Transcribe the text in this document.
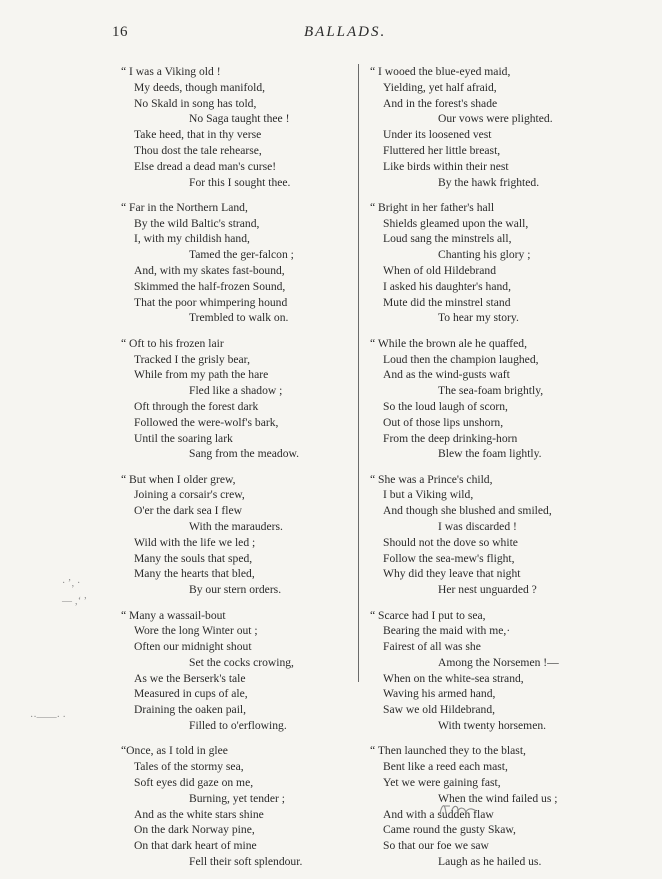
16	BALLADS.
“ I was a Viking old !
My deeds, though manifold,
No Skald in song has told,
No Saga taught thee !
Take heed, that in thy verse
Thou dost the tale rehearse,
Else dread a dead man's curse!
For this I sought thee.
“ Far in the Northern Land,
By the wild Baltic's strand,
I, with my childish hand,
Tamed the ger-falcon ;
And, with my skates fast-bound,
Skimmed the half-frozen Sound,
That the poor whimpering hound
Trembled to walk on.
“ Oft to his frozen lair
Tracked I the grisly bear,
While from my path the hare
Fled like a shadow ;
Oft through the forest dark
Followed the were-wolf's bark,
Until the soaring lark
Sang from the meadow.
“ But when I older grew,
Joining a corsair's crew,
O'er the dark sea I flew
With the marauders.
Wild with the life we led ;
Many the souls that sped,
Many the hearts that bled,
By our stern orders.
“ Many a wassail-bout
Wore the long Winter out ;
Often our midnight shout
Set the cocks crowing,
As we the Berserk's tale
Measured in cups of ale,
Draining the oaken pail,
Filled to o'erflowing.
“Once, as I told in glee
Tales of the stormy sea,
Soft eyes did gaze on me,
Burning, yet tender ;
And as the white stars shine
On the dark Norway pine,
On that dark heart of mine
Fell their soft splendour.
“ I wooed the blue-eyed maid,
Yielding, yet half afraid,
And in the forest's shade
Our vows were plighted.
Under its loosened vest
Fluttered her little breast,
Like birds within their nest
By the hawk frighted.
“ Bright in her father's hall
Shields gleamed upon the wall,
Loud sang the minstrels all,
Chanting his glory ;
When of old Hildebrand
I asked his daughter's hand,
Mute did the minstrel stand
To hear my story.
“ While the brown ale he quaffed,
Loud then the champion laughed,
And as the wind-gusts waft
The sea-foam brightly,
So the loud laugh of scorn,
Out of those lips unshorn,
From the deep drinking-horn
Blew the foam lightly.
“ She was a Prince's child,
I but a Viking wild,
And though she blushed and smiled,
I was discarded !
Should not the dove so white
Follow the sea-mew's flight,
Why did they leave that night
Her nest unguarded ?
“ Scarce had I put to sea,
Bearing the maid with me,·
Fairest of all was she
Among the Norsemen !—
When on the white-sea strand,
Waving his armed hand,
Saw we old Hildebrand,
With twenty horsemen.
“ Then launched they to the blast,
Bent like a reed each mast,
Yet we were gaining fast,
When the wind failed us ;
And with a sudden flaw
Came round the gusty Skaw,
So that our foe we saw
Laugh as he hailed us.
· ’‚ ·
— ‚‘ ’
··——· ·
